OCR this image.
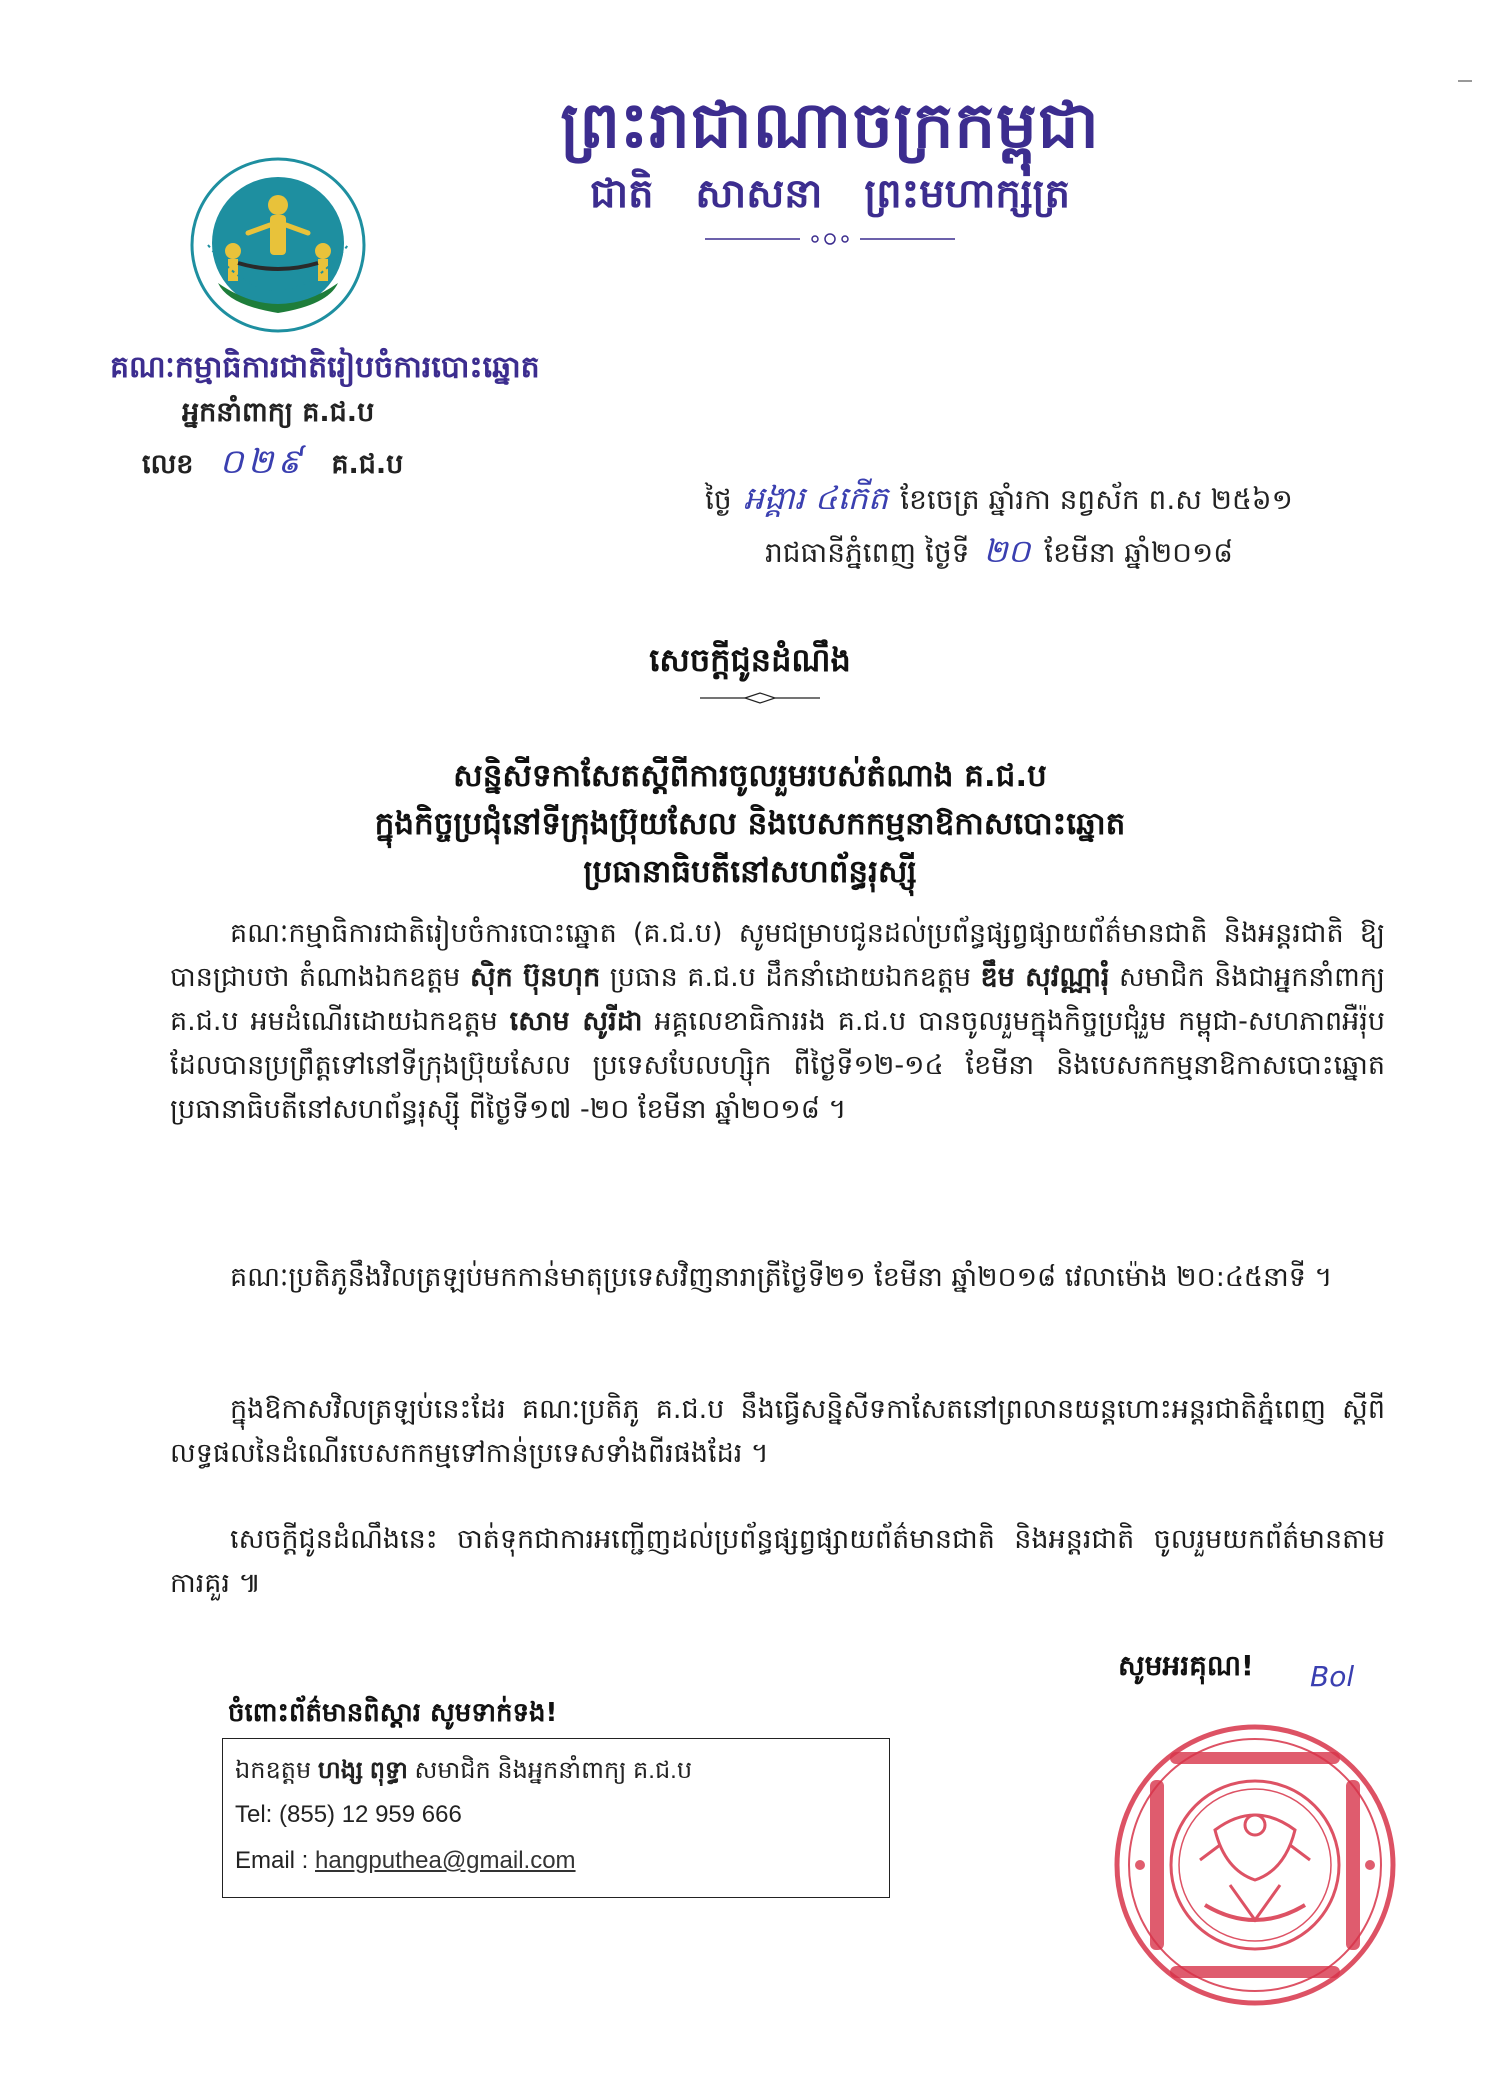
ព្រះរាជាណាចក្រកម្ពុជា
ជាតិ សាសនា ព្រះមហាក្សត្រ
គណៈកម្មាធិការជាតិរៀបចំការបោះឆ្នោត
អ្នកនាំពាក្យ គ.ជ.ប
លេខ ០២៩ គ.ជ.ប
ថ្ងៃ អង្គារ ៤កើត ខែចេត្រ ឆ្នាំរកា នព្វស័ក ព.ស ២៥៦១
រាជធានីភ្នំពេញ ថ្ងៃទី ២០ ខែមីនា ឆ្នាំ២០១៨
សេចក្តីជូនដំណឹង
សន្និសីទកាសែតស្តីពីការចូលរួមរបស់តំណាង គ.ជ.ប
ក្នុងកិច្ចប្រជុំនៅទីក្រុងប្រ៊ុយសែល និងបេសកកម្មនាឱកាសបោះឆ្នោត
ប្រធានាធិបតីនៅសហព័ន្ធរុស្ស៊ី
គណៈកម្មាធិការជាតិរៀបចំការបោះឆ្នោត (គ.ជ.ប) សូមជម្រាបជូនដល់ប្រព័ន្ធផ្សព្វផ្សាយព័ត៌មានជាតិ និងអន្តរជាតិ ឱ្យបានជ្រាបថា តំណាងឯកឧត្តម ស៊ិក ប៊ុនហុក ប្រធាន គ.ជ.ប ដឹកនាំដោយឯកឧត្តម ឌឹម សុវណ្ណារុំ សមាជិក និងជាអ្នកនាំពាក្យ គ.ជ.ប អមដំណើរដោយឯកឧត្តម សោម សូរីដា អគ្គលេខាធិការរង គ.ជ.ប បានចូលរួមក្នុងកិច្ចប្រជុំរួម កម្ពុជា-សហភាពអឺរ៉ុប ដែលបានប្រព្រឹត្តទៅនៅទីក្រុងប្រ៊ុយសែល ប្រទេសបែលហ្ស៊ិក ពីថ្ងៃទី១២-១៤ ខែមីនា និងបេសកកម្មនាឱកាសបោះឆ្នោតប្រធានាធិបតីនៅសហព័ន្ធរុស្ស៊ី ពីថ្ងៃទី១៧ -២០ ខែមីនា ឆ្នាំ២០១៨ ។
គណៈប្រតិភូនឹងវិលត្រឡប់មកកាន់មាតុប្រទេសវិញនារាត្រីថ្ងៃទី២១ ខែមីនា ឆ្នាំ២០១៨ វេលាម៉ោង ២០:៤៥នាទី ។
ក្នុងឱកាសវិលត្រឡប់នេះដែរ គណៈប្រតិភូ គ.ជ.ប នឹងធ្វើសន្និសីទកាសែតនៅព្រលានយន្តហោះអន្តរជាតិភ្នំពេញ ស្តីពីលទ្ធផលនៃដំណើរបេសកកម្មទៅកាន់ប្រទេសទាំងពីរផងដែរ ។
សេចក្តីជូនដំណឹងនេះ ចាត់ទុកជាការអញ្ជើញដល់ប្រព័ន្ធផ្សព្វផ្សាយព័ត៌មានជាតិ និងអន្តរជាតិ ចូលរួមយកព័ត៌មានតាមការគួរ ៕
សូមអរគុណ! Bol
ចំពោះព័ត៌មានពិស្តារ សូមទាក់ទង!
ឯកឧត្តម ហង្ស ពុទ្ធា សមាជិក និងអ្នកនាំពាក្យ គ.ជ.ប
Tel: (855) 12 959 666
Email : hangputhea@gmail.com
